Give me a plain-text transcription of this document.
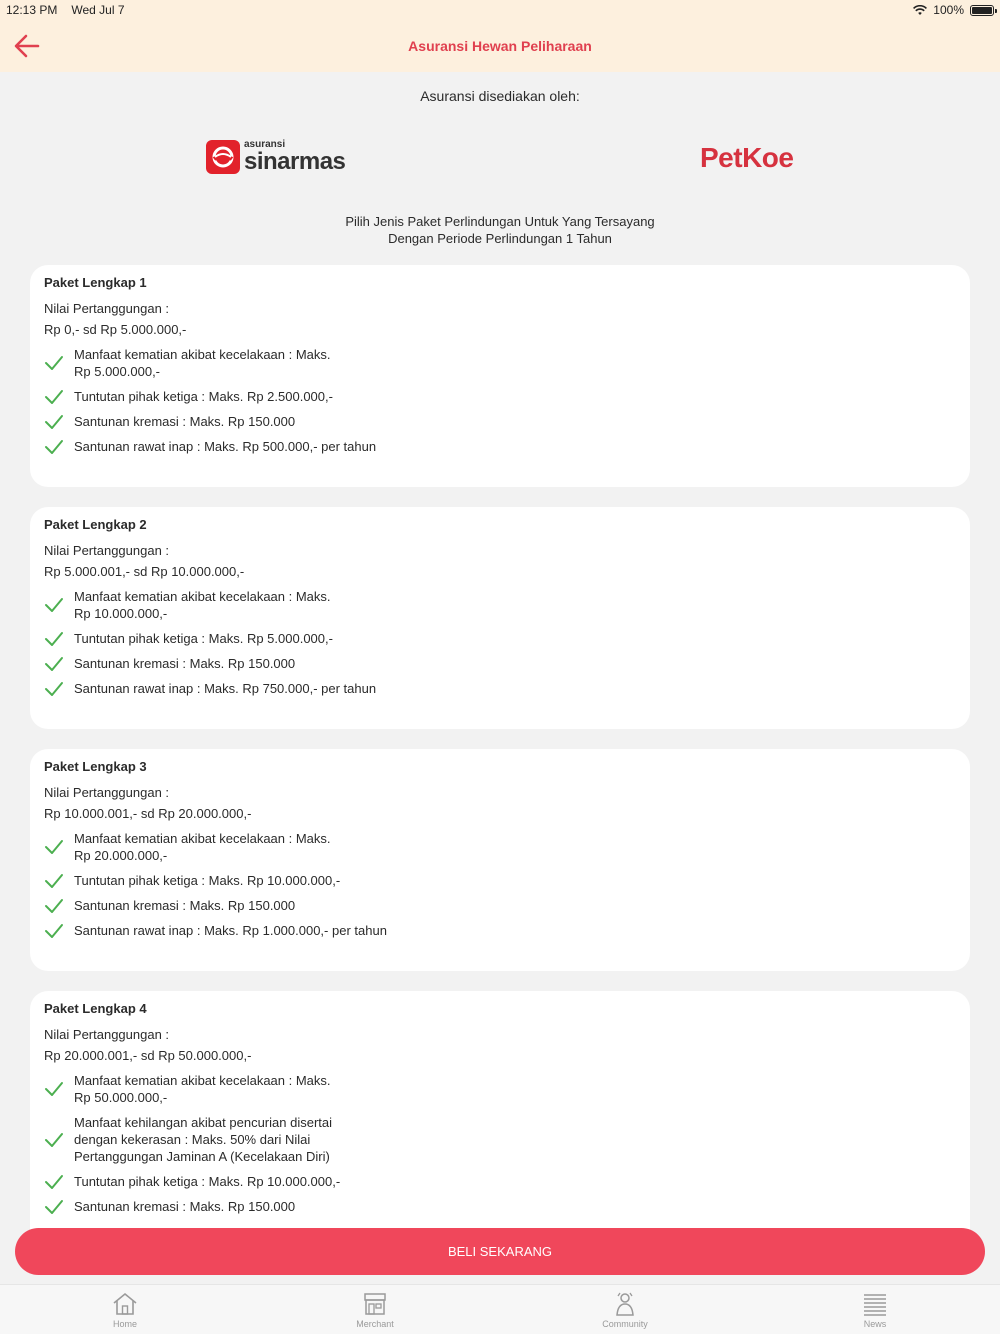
12:13 PM Wed Jul 7	100%
Asuransi Hewan Peliharaan
Asuransi disediakan oleh:
asuransi
sinarmas	PetKoe
Pilih Jenis Paket Perlindungan Untuk Yang Tersayang
Dengan Periode Perlindungan 1 Tahun
Paket Lengkap 1
Nilai Pertanggungan :
Rp 0,- sd Rp 5.000.000,-
Manfaat kematian akibat kecelakaan : Maks.
Rp 5.000.000,-
Tuntutan pihak ketiga : Maks. Rp 2.500.000,-
Santunan kremasi : Maks. Rp 150.000
Santunan rawat inap : Maks. Rp 500.000,- per tahun
Paket Lengkap 2
Nilai Pertanggungan :
Rp 5.000.001,- sd Rp 10.000.000,-
Manfaat kematian akibat kecelakaan : Maks.
Rp 10.000.000,-
Tuntutan pihak ketiga : Maks. Rp 5.000.000,-
Santunan kremasi : Maks. Rp 150.000
Santunan rawat inap : Maks. Rp 750.000,- per tahun
Paket Lengkap 3
Nilai Pertanggungan :
Rp 10.000.001,- sd Rp 20.000.000,-
Manfaat kematian akibat kecelakaan : Maks.
Rp 20.000.000,-
Tuntutan pihak ketiga : Maks. Rp 10.000.000,-
Santunan kremasi : Maks. Rp 150.000
Santunan rawat inap : Maks. Rp 1.000.000,- per tahun
Paket Lengkap 4
Nilai Pertanggungan :
Rp 20.000.001,- sd Rp 50.000.000,-
Manfaat kematian akibat kecelakaan : Maks.
Rp 50.000.000,-
Manfaat kehilangan akibat pencurian disertai
dengan kekerasan : Maks. 50% dari Nilai
Pertanggungan Jaminan A (Kecelakaan Diri)
Tuntutan pihak ketiga : Maks. Rp 10.000.000,-
Santunan kremasi : Maks. Rp 150.000
BELI SEKARANG
Home	Merchant	Community	News
